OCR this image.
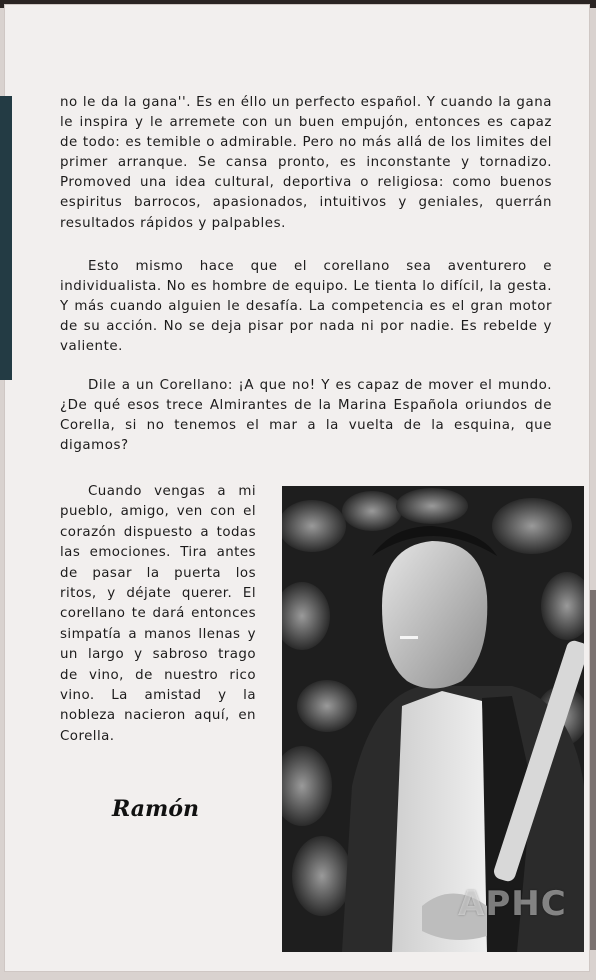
no le da la gana''. Es en éllo un perfecto español. Y cuando la gana le inspira y le arremete con un buen empujón, entonces es capaz de todo: es temible o admirable. Pero no más allá de los limites del primer arranque. Se cansa pronto, es inconstante y tornadizo. Promoved una idea cultural, deportiva o religiosa: como buenos espiritus barrocos, apasionados, intuitivos y geniales, querrán resultados rápidos y palpables.
Esto mismo hace que el corellano sea aventurero e individualista. No es hombre de equipo. Le tienta lo difícil, la gesta. Y más cuando alguien le desafía. La competencia es el gran motor de su acción. No se deja pisar por nada ni por nadie. Es rebelde y valiente.
Dile a un Corellano: ¡A que no! Y es capaz de mover el mundo. ¿De qué esos trece Almirantes de la Marina Española oriundos de Corella, si no tenemos el mar a la vuelta de la esquina, que digamos?
Cuando vengas a mi pueblo, amigo, ven con el corazón dispuesto a todas las emociones. Tira antes de pasar la puerta los ritos, y déjate querer. El corellano te dará entonces simpatía a manos llenas y un largo y sabroso trago de vino, de nuestro rico vino. La amistad y la nobleza nacieron aquí, en Corella.
Ramón
APHC
